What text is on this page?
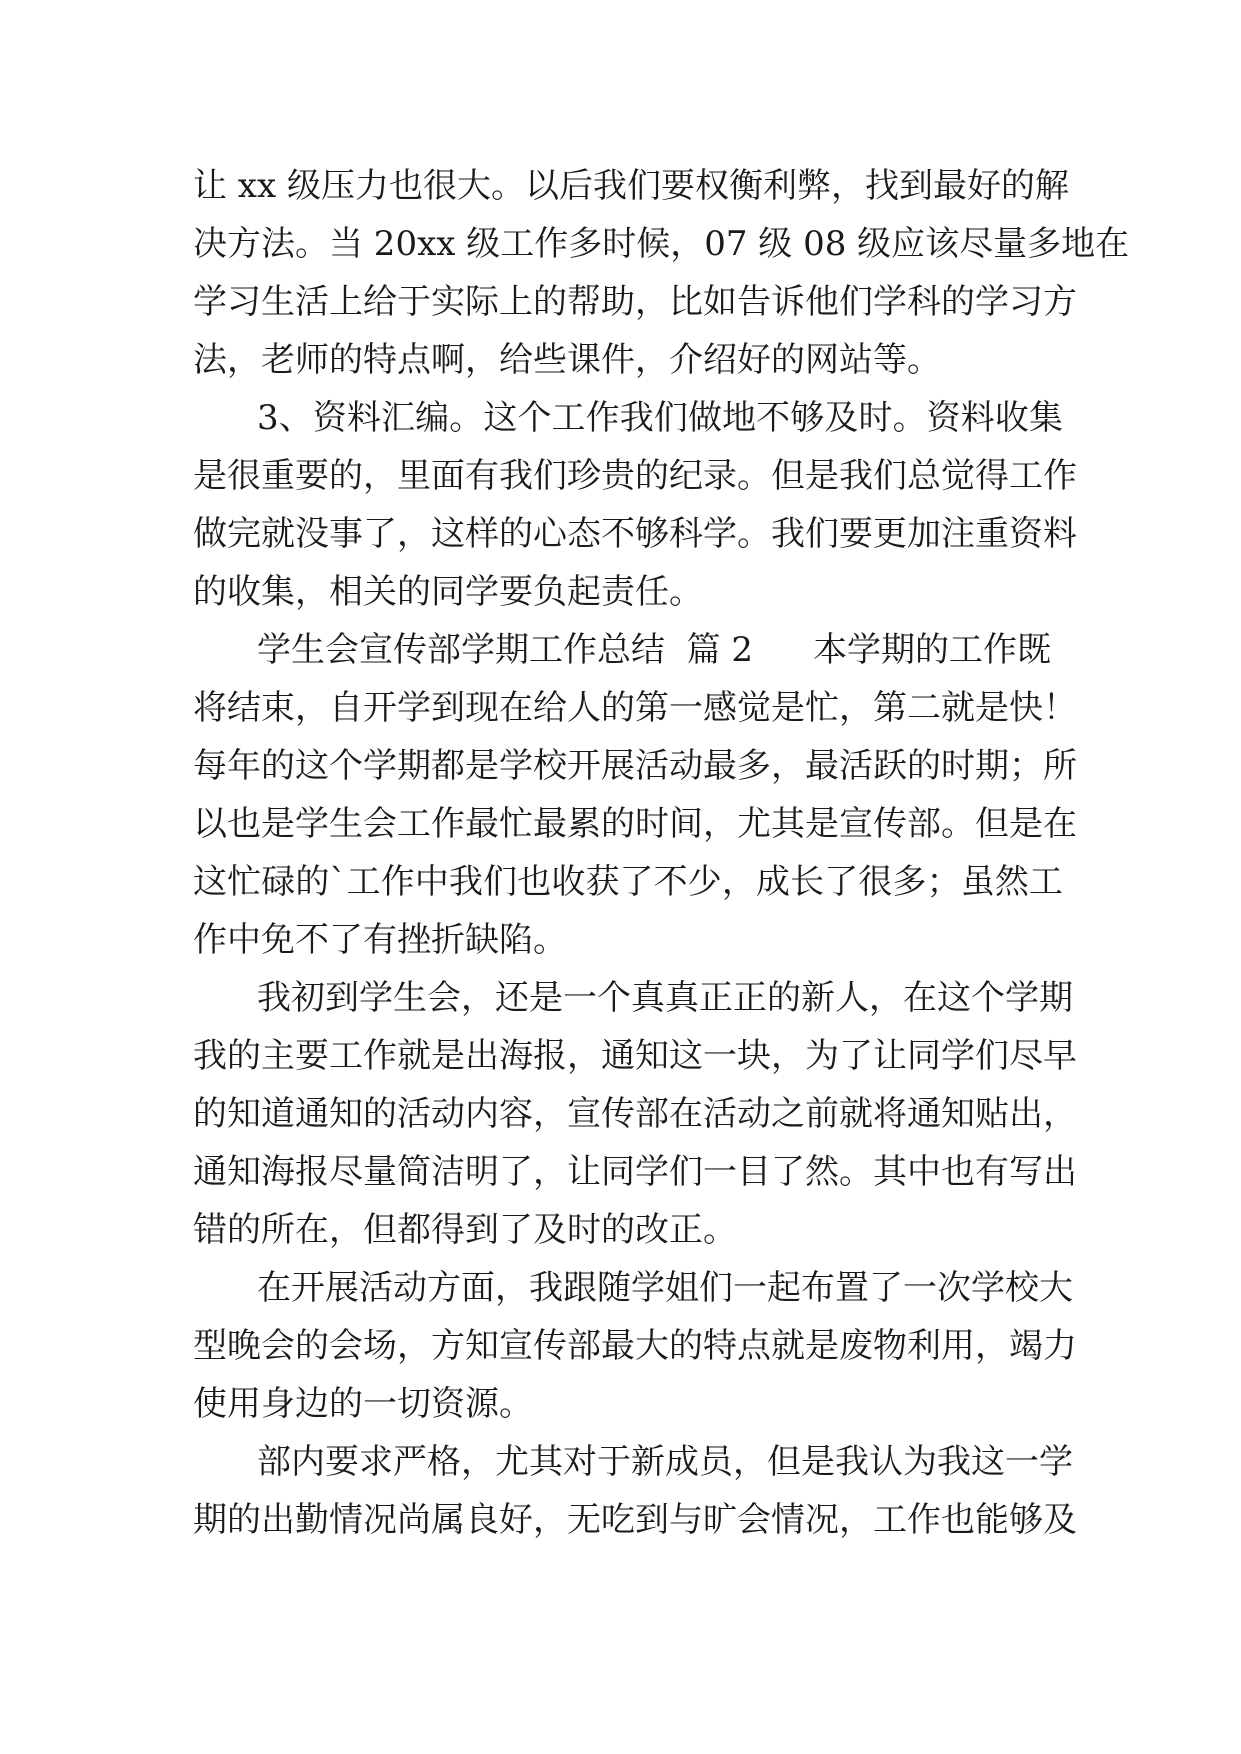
让 xx 级压力也很大。以后我们要权衡利弊，找到最好的解
决方法。当 20xx 级工作多时候，07 级 08 级应该尽量多地在
学习生活上给于实际上的帮助，比如告诉他们学科的学习方
法，老师的特点啊，给些课件，介绍好的网站等。
3、资料汇编。这个工作我们做地不够及时。资料收集
是很重要的，里面有我们珍贵的纪录。但是我们总觉得工作
做完就没事了，这样的心态不够科学。我们要更加注重资料
的收集，相关的同学要负起责任。
学生会宣传部学期工作总结  篇 2 本学期的工作既
将结束，自开学到现在给人的第一感觉是忙，第二就是快！
每年的这个学期都是学校开展活动最多，最活跃的时期；所
以也是学生会工作最忙最累的时间，尤其是宣传部。但是在
这忙碌的`工作中我们也收获了不少，成长了很多；虽然工
作中免不了有挫折缺陷。
我初到学生会，还是一个真真正正的新人，在这个学期
我的主要工作就是出海报，通知这一块，为了让同学们尽早
的知道通知的活动内容，宣传部在活动之前就将通知贴出，
通知海报尽量简洁明了，让同学们一目了然。其中也有写出
错的所在，但都得到了及时的改正。
在开展活动方面，我跟随学姐们一起布置了一次学校大
型晚会的会场，方知宣传部最大的特点就是废物利用，竭力
使用身边的一切资源。
部内要求严格，尤其对于新成员，但是我认为我这一学
期的出勤情况尚属良好，无吃到与旷会情况，工作也能够及
